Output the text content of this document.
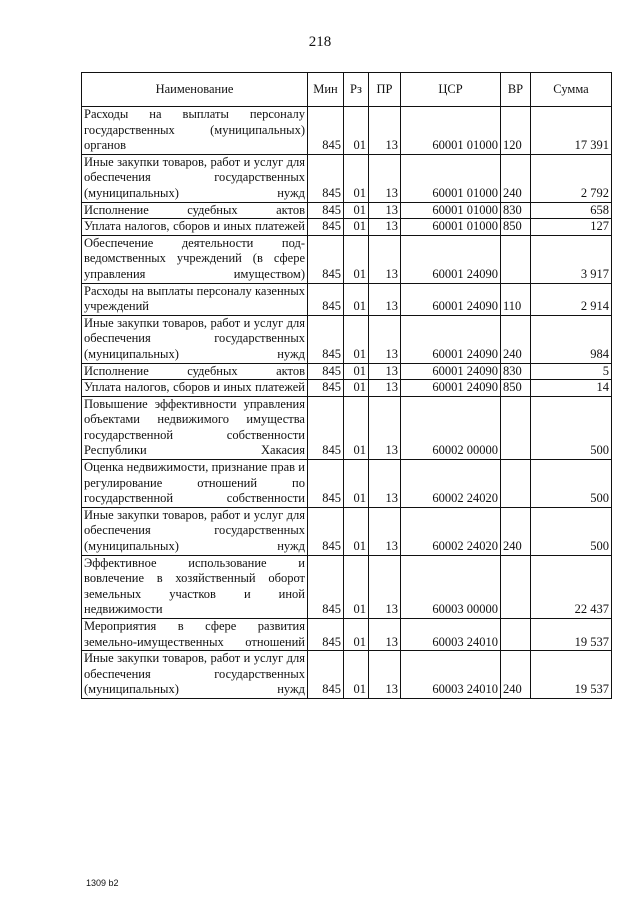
218
Наименование	Мин	Рз	ПР	ЦСР	ВР	Сумма
Расходы на выплаты персоналу государственных (муниципальных) органов	845	01	13	60001 01000	120	17 391
Иные закупки товаров, работ и услуг для обеспечения государственных (муниципальных) нужд	845	01	13	60001 01000	240	2 792
Исполнение судебных актов	845	01	13	60001 01000	830	658
Уплата налогов, сборов и иных платежей	845	01	13	60001 01000	850	127
Обеспечение деятельности подведомственных учреждений (в сфере управления имуществом)	845	01	13	60001 24090		3 917
Расходы на выплаты персоналу казенных учреждений	845	01	13	60001 24090	110	2 914
Иные закупки товаров, работ и услуг для обеспечения государственных (муниципальных) нужд	845	01	13	60001 24090	240	984
Исполнение судебных актов	845	01	13	60001 24090	830	5
Уплата налогов, сборов и иных платежей	845	01	13	60001 24090	850	14
Повышение эффективности управления объектами недвижимого имущества государственной собственности Республики Хакасия	845	01	13	60002 00000		500
Оценка недвижимости, признание прав и регулирование отношений по государственной собственности	845	01	13	60002 24020		500
Иные закупки товаров, работ и услуг для обеспечения государственных (муниципальных) нужд	845	01	13	60002 24020	240	500
Эффективное использование и вовлечение в хозяйственный оборот земельных участков и иной недвижимости	845	01	13	60003 00000		22 437
Мероприятия в сфере развития земельно-имущественных отношений	845	01	13	60003 24010		19 537
Иные закупки товаров, работ и услуг для обеспечения государственных (муниципальных) нужд	845	01	13	60003 24010	240	19 537
1309 b2
